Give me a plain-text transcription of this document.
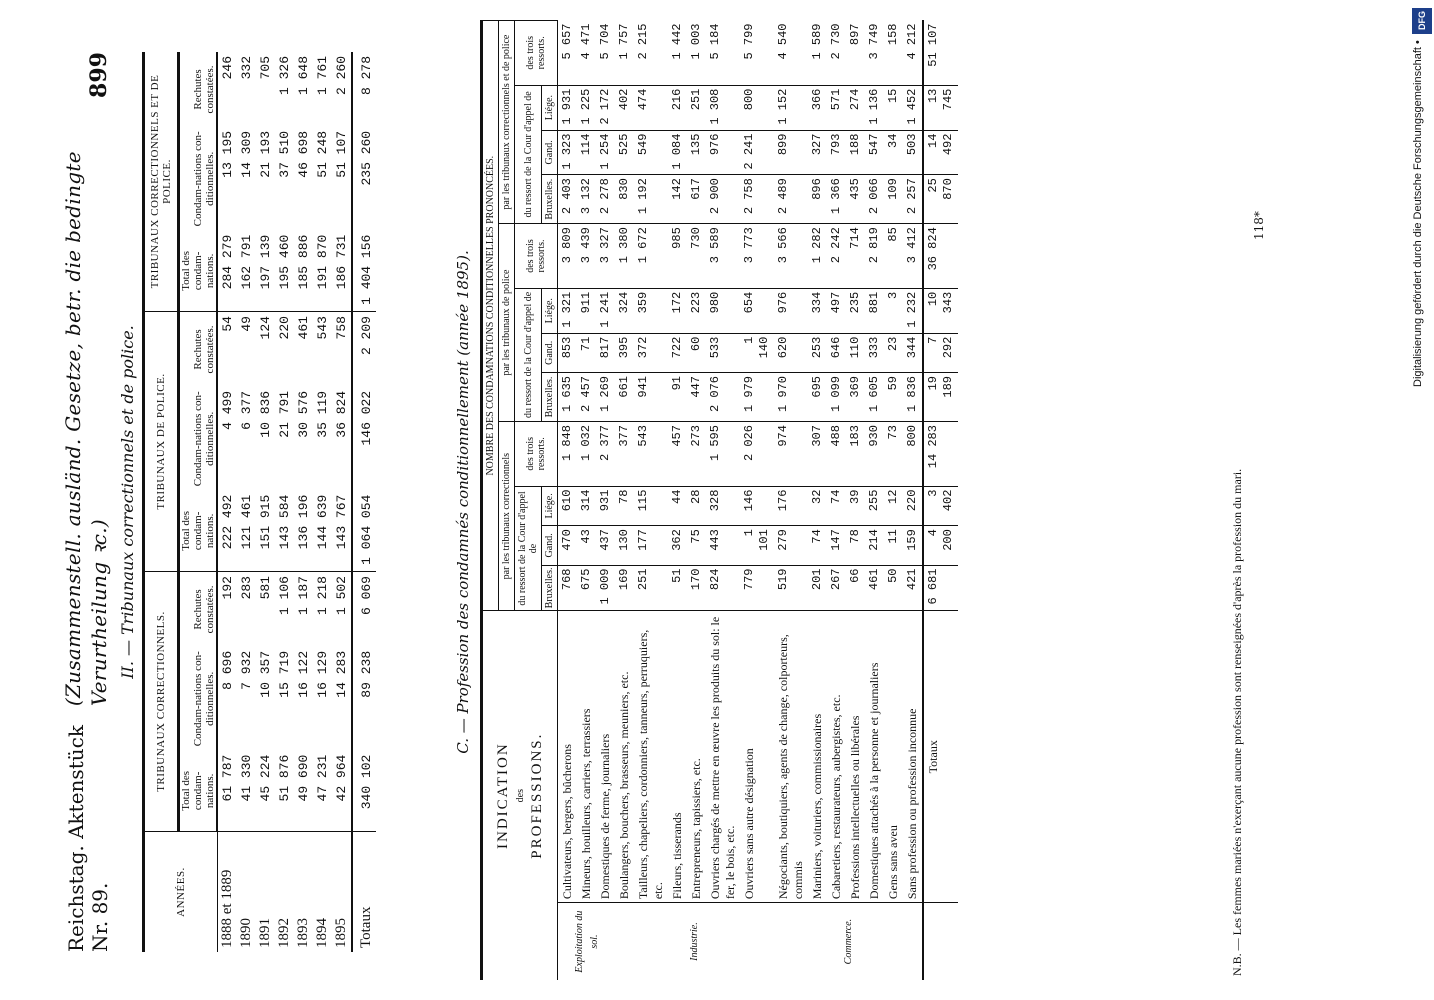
Reichstag. Aktenstück Nr. 89.
(Zusammenstell. ausländ. Gesetze, betr. die bedingte Verurtheilung ꝛc.)
899
II. — Tribunaux correctionnels et de police.
ANNÉES.	TRIBUNAUX CORRECTIONNELS.			TRIBUNAUX DE POLICE.			TRIBUNAUX CORRECTIONNELS ET DE POLICE.		
	Total des condam-nations.	Condam-nations con-ditionnelles.	Rechutes constatées.	Total des condam-nations.	Condam-nations con-ditionnelles.	Rechutes constatées.	Total des condam-nations.	Condam-nations con-ditionnelles.	Rechutes constatées.
1888 et 1889	61 787	8 696	192	222 492	4 499	54	284 279	13 195	246
1890	41 330	7 932	283	121 461	6 377	49	162 791	14 309	332
1891	45 224	10 357	581	151 915	10 836	124	197 139	21 193	705
1892	51 876	15 719	1 106	143 584	21 791	220	195 460	37 510	1 326
1893	49 690	16 122	1 187	136 196	30 576	461	185 886	46 698	1 648
1894	47 231	16 129	1 218	144 639	35 119	543	191 870	51 248	1 761
1895	42 964	14 283	1 502	143 767	36 824	758	186 731	51 107	2 260
Totaux	340 102	89 238	6 069	1 064 054	146 022	2 209	1 404 156	235 260	8 278
C. — Profession des condamnés conditionnellement (année 1895).
INDICATION des PROFESSIONS.		NOMBRE DES CONDAMNATIONS CONDITIONNELLES PRONONCÉES.											
		par les tribunaux correctionnels				par les tribunaux de police				par les tribunaux correctionnels et de police			
		du ressort de la Cour d'appel de			des trois ressorts.	du ressort de la Cour d'appel de			des trois ressorts.	du ressort de la Cour d'appel de			des trois ressorts.
		Bruxelles.	Gand.	Liége.		Bruxelles.	Gand.	Liége.		Bruxelles.	Gand.	Liége.	
Exploitation du sol.	Cultivateurs, bergers, bûcherons	768	470	610	1 848	1 635	853	1 321	3 809	2 403	1 323	1 931	5 657
	Mineurs, houilleurs, carriers, terrassiers	675	43	314	1 032	2 457	71	911	3 439	3 132	114	1 225	4 471
	Domestiques de ferme, journaliers	1 009	437	931	2 377	1 269	817	1 241	3 327	2 278	1 254	2 172	5 704
Industrie.	Boulangers, bouchers, brasseurs, meuniers, etc.	169	130	78	377	661	395	324	1 380	830	525	402	1 757
	Tailleurs, chapeliers, cordonniers, tanneurs, perruquiers, etc.	251	177	115	543	941	372	359	1 672	1 192	549	474	2 215
	Fileurs, tisserands	51	362	44	457	91	722	172	985	142	1 084	216	1 442
	Entrepreneurs, tapissiers, etc.	170	75	28	273	447	60	223	730	617	135	251	1 003
	Ouvriers chargés de mettre en œuvre les produits du sol: le fer, le bois, etc.	824	443	328	1 595	2 076	533	980	3 589	2 900	976	1 308	5 184
	Ouvriers sans autre désignation	779	1 101	146	2 026	1 979	1 140	654	3 773	2 758	2 241	800	5 799
Commerce.	Négociants, boutiquiers, agents de change, colporteurs, commis	519	279	176	974	1 970	620	976	3 566	2 489	899	1 152	4 540
	Mariniers, voituriers, commissionaires	201	74	32	307	695	253	334	1 282	896	327	366	1 589
	Cabaretiers, restaurateurs, aubergistes, etc.	267	147	74	488	1 099	646	497	2 242	1 366	793	571	2 730
	Professions intellectuelles ou libérales	66	78	39	183	369	110	235	714	435	188	274	897
	Domestiques attachés à la personne et journaliers	461	214	255	930	1 605	333	881	2 819	2 066	547	1 136	3 749
	Gens sans aveu	50	11	12	73	59	23	3	85	109	34	15	158
	Sans profession ou profession inconnue	421	159	220	800	1 836	344	1 232	3 412	2 257	503	1 452	4 212
	Totaux	6 681	4 200	3 402	14 283	19 189	7 292	10 343	36 824	25 870	14 492	13 745	51 107
N.B. — Les femmes mariées n'exerçant aucune profession sont renseignées d'après la profession du mari.
118*
DFG
Digitalisierung gefördert durch die Deutsche Forschungsgemeinschaft •
